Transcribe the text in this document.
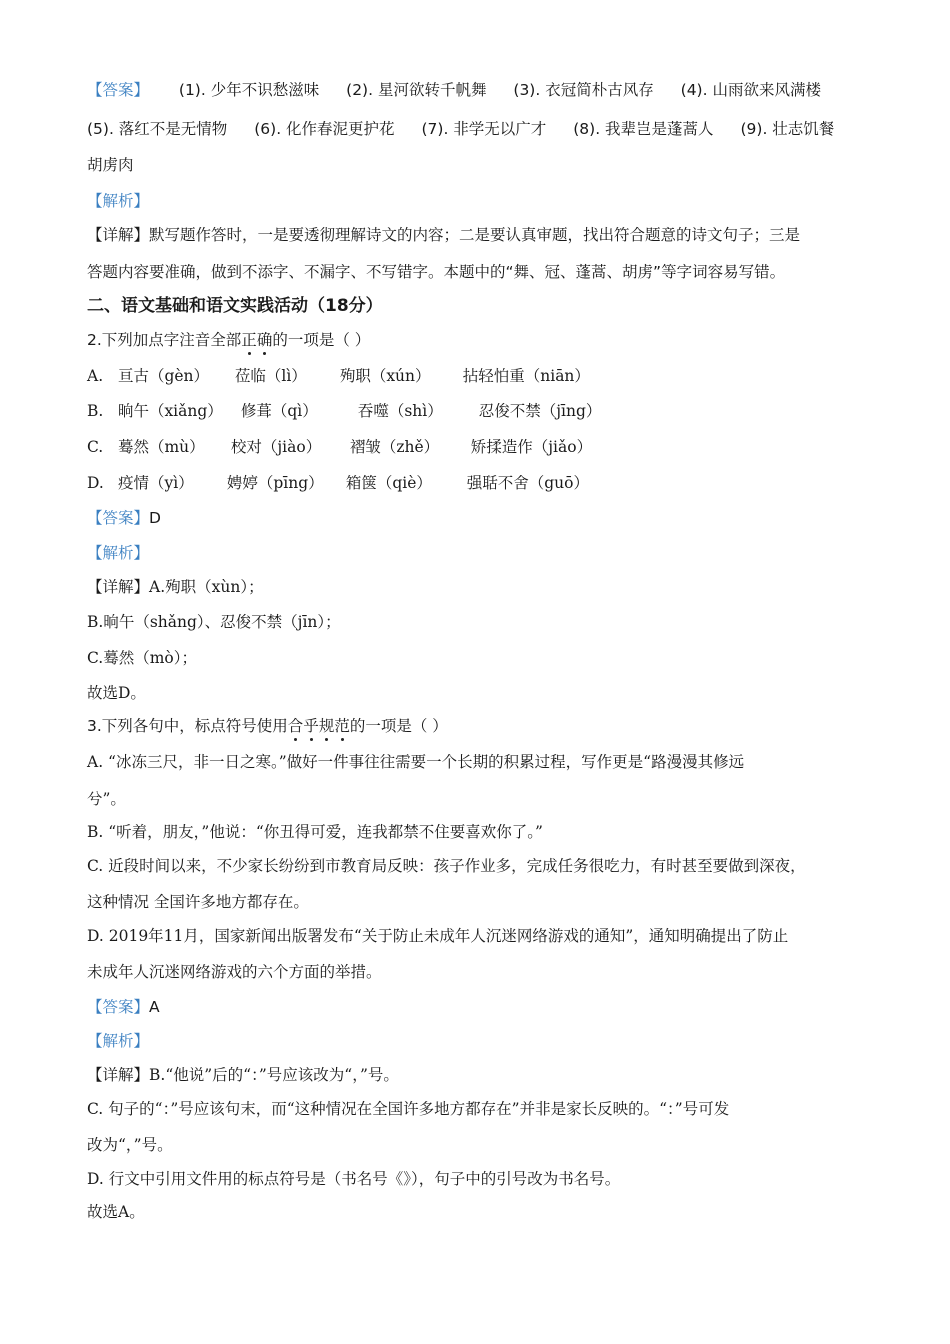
【答案】 (1). 少年不识愁滋味 (2). 星河欲转千帆舞 (3). 衣冠简朴古风存 (4). 山雨欲来风满楼
(5). 落红不是无情物 (6). 化作春泥更护花 (7). 非学无以广才 (8). 我辈岂是蓬蒿人 (9). 壮志饥餐
胡虏肉
【解析】
【详解】默写题作答时，一是要透彻理解诗文的内容；二是要认真审题，找出符合题意的诗文句子；三是
答题内容要准确，做到不添字、不漏字、不写错字。本题中的“舞、冠、蓬蒿、胡虏”等字词容易写错。
二、语文基础和语文实践活动（18分）
2.下列加点字注音全部正确的一项是（ ）
A. 亘古（gèn） 莅临（lì） 殉职（xún） 拈轻怕重（niān）
B. 晌午（xiǎng） 修葺（qì）	吞噬（shì） 忍俊不禁（jīng）
C. 蓦然（mù） 校对（jiào） 褶皱（zhě） 矫揉造作（jiǎo）
D. 疫情（yì） 娉婷（pīng） 箱箧（qiè） 强聒不舍（guō）
【答案】D
【解析】
【详解】A.殉职（xùn）；
B.晌午（shǎng）、忍俊不禁（jīn）；
C.蓦然（mò）；
故选D。
3.下列各句中，标点符号使用合乎规范的一项是（ ）
A. “冰冻三尺，非一日之寒。”做好一件事往往需要一个长期的积累过程，写作更是“路漫漫其修远
兮”。
B. “听着，朋友，”他说：“你丑得可爱，连我都禁不住要喜欢你了。”
C. 近段时间以来，不少家长纷纷到市教育局反映：孩子作业多，完成任务很吃力，有时甚至要做到深夜，
这种情况 全国许多地方都存在。
D. 2019年11月，国家新闻出版署发布“关于防止未成年人沉迷网络游戏的通知”，通知明确提出了防止
未成年人沉迷网络游戏的六个方面的举措。
【答案】A
【解析】
【详解】B.“他说”后的“：”号应该改为“，”号。
C. 句子的“：”号应该句末，而“这种情况在全国许多地方都存在”并非是家长反映的。“：”号可发
改为“，”号。
D. 行文中引用文件用的标点符号是（书名号《》），句子中的引号改为书名号。
故选A。
